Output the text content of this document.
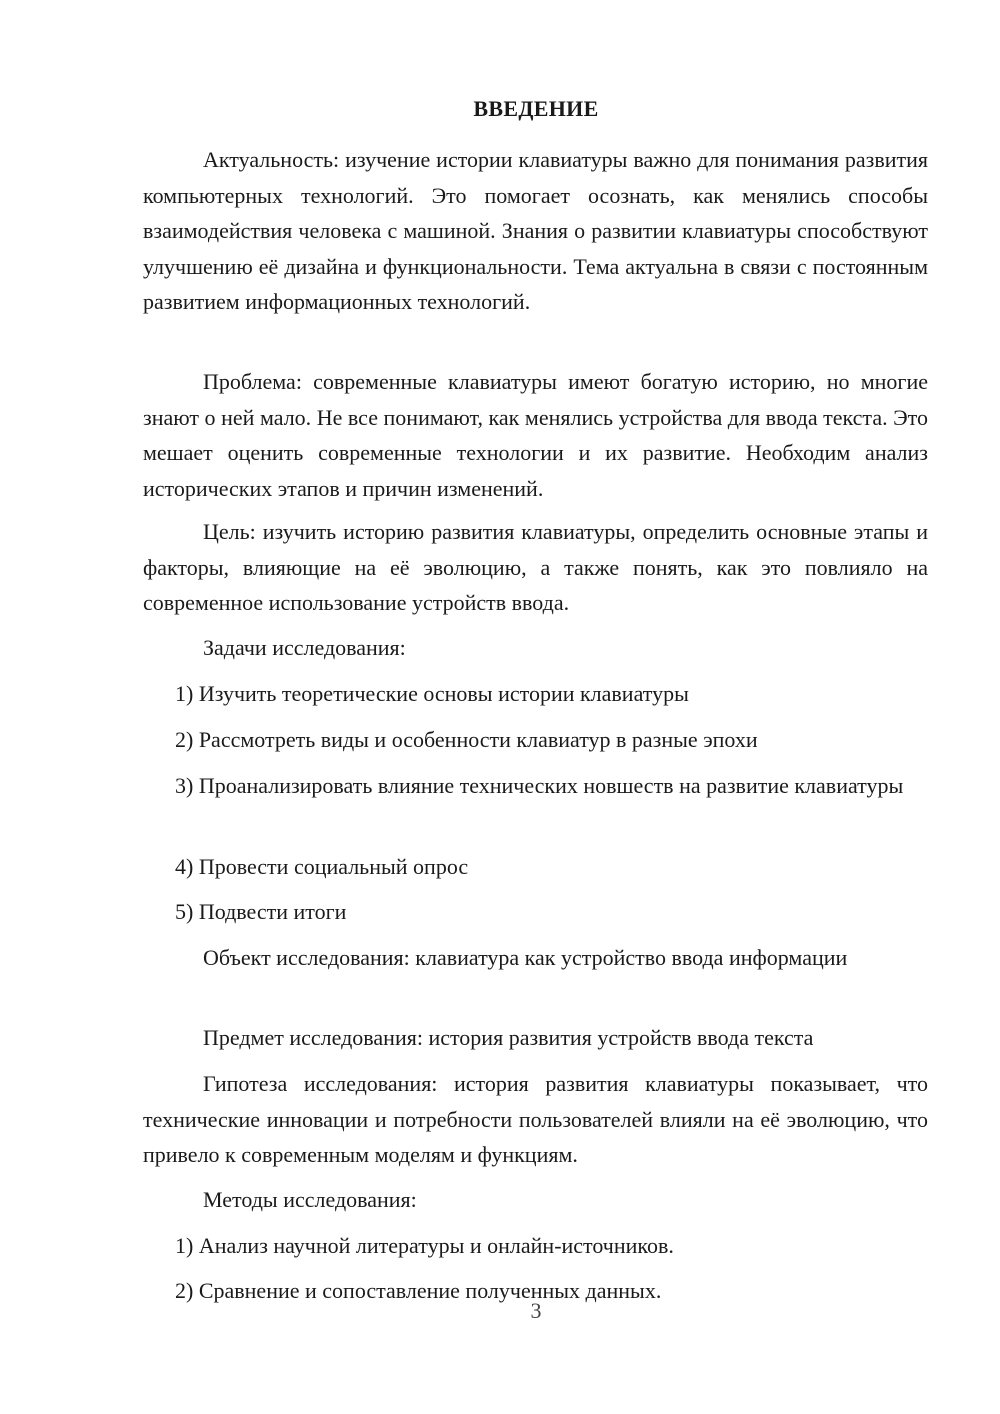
ВВЕДЕНИЕ

Актуальность: изучение истории клавиатуры важно для понимания развития компьютерных технологий. Это помогает осознать, как менялись способы взаимодействия человека с машиной. Знания о развитии клавиатуры способствуют улучшению её дизайна и функциональности. Тема актуальна в связи с постоянным развитием информационных технологий.

Проблема: современные клавиатуры имеют богатую историю, но многие знают о ней мало. Не все понимают, как менялись устройства для ввода текста. Это мешает оценить современные технологии и их развитие. Необходим анализ исторических этапов и причин изменений.

Цель: изучить историю развития клавиатуры, определить основные этапы и факторы, влияющие на её эволюцию, а также понять, как это повлияло на современное использование устройств ввода.

Задачи исследования:

1) Изучить теоретические основы истории клавиатуры

2) Рассмотреть виды и особенности клавиатур в разные эпохи

3) Проанализировать влияние технических новшеств на развитие клавиатуры

4) Провести социальный опрос

5) Подвести итоги

Объект исследования: клавиатура как устройство ввода информации

Предмет исследования: история развития устройств ввода текста

Гипотеза исследования: история развития клавиатуры показывает, что технические инновации и потребности пользователей влияли на её эволюцию, что привело к современным моделям и функциям.

Методы исследования:

1) Анализ научной литературы и онлайн-источников.

2) Сравнение и сопоставление полученных данных.

3
